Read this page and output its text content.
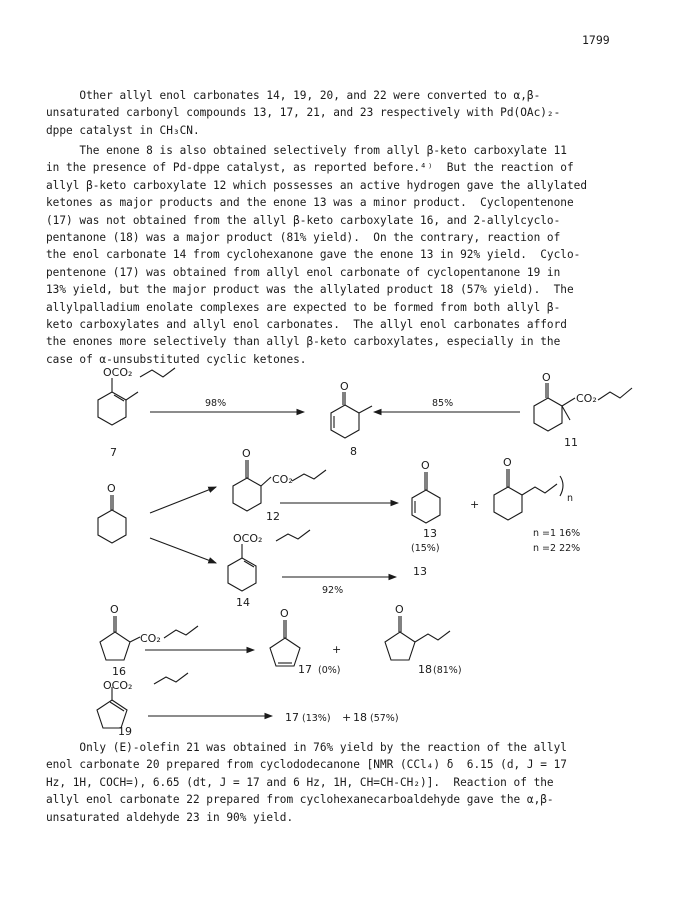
1799
Other allyl enol carbonates 14, 19, 20, and 22 were converted to α,β-
unsaturated carbonyl compounds 13, 17, 21, and 23 respectively with Pd(OAc)₂-
dppe catalyst in CH₃CN.
The enone 8 is also obtained selectively from allyl β-keto carboxylate 11
in the presence of Pd-dppe catalyst, as reported before.⁴⁾  But the reaction of
allyl β-keto carboxylate 12 which possesses an active hydrogen gave the allylated
ketones as major products and the enone 13 was a minor product.  Cyclopentenone
(17) was not obtained from the allyl β-keto carboxylate 16, and 2-allylcyclo-
pentanone (18) was a major product (81% yield).  On the contrary, reaction of
the enol carbonate 14 from cyclohexanone gave the enone 13 in 92% yield.  Cyclo-
pentenone (17) was obtained from allyl enol carbonate of cyclopentanone 19 in
13% yield, but the major product was the allylated product 18 (57% yield).  The
allylpalladium enolate complexes are expected to be formed from both allyl β-
keto carboxylates and allyl enol carbonates.  The allyl enol carbonates afford
the enones more selectively than allyl β-keto carboxylates, especially in the
case of α-unsubstituted cyclic ketones.
OCO₂
O
O
CO₂
O
O
CO₂
O	O
OCO₂
O
CO₂
O	O
OCO₂
7	8
11
12
13
13
14
16	17	18
19
17	18
98%	85%
(15%)
n
n =1 16%
n =2 22%
92%
(0%)	(81%)
(13%)	(57%)
+
+
+
Only (E)-olefin 21 was obtained in 76% yield by the reaction of the allyl
enol carbonate 20 prepared from cyclododecanone [NMR (CCl₄) δ  6.15 (d, J = 17
Hz, 1H, COCH=), 6.65 (dt, J = 17 and 6 Hz, 1H, CH=CH-CH₂)].  Reaction of the
allyl enol carbonate 22 prepared from cyclohexanecarboaldehyde gave the α,β-
unsaturated aldehyde 23 in 90% yield.
